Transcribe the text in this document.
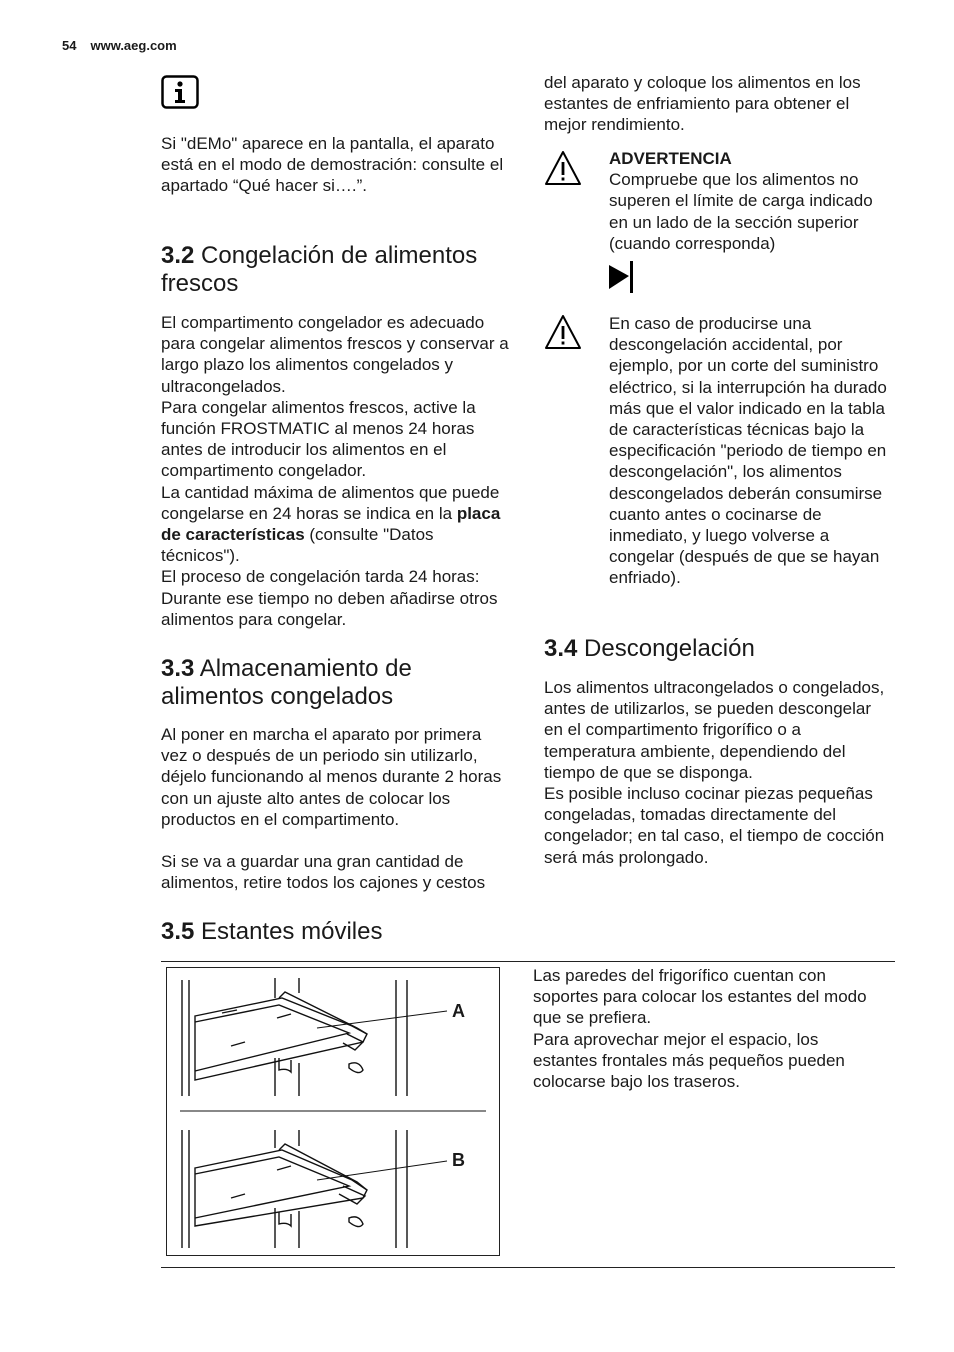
54 www.aeg.com

Si "dEMo" aparece en la pantalla, el aparato está en el modo de demostración: consulte el apartado “Qué hacer si….”.

3.2 Congelación de alimentos frescos

El compartimento congelador es adecuado para congelar alimentos frescos y conservar a largo plazo los alimentos congelados y ultracongelados.

Para congelar alimentos frescos, active la función FROSTMATIC al menos 24 horas antes de introducir los alimentos en el compartimento congelador.

La cantidad máxima de alimentos que puede congelarse en 24 horas se indica en la placa de características (consulte "Datos técnicos").

El proceso de congelación tarda 24 horas: Durante ese tiempo no deben añadirse otros alimentos para congelar.

3.3 Almacenamiento de alimentos congelados

Al poner en marcha el aparato por primera vez o después de un periodo sin utilizarlo, déjelo funcionando al menos durante 2 horas con un ajuste alto antes de colocar los productos en el compartimento.

Si se va a guardar una gran cantidad de alimentos, retire todos los cajones y cestos

del aparato y coloque los alimentos en los estantes de enfriamiento para obtener el mejor rendimiento.

ADVERTENCIA

Compruebe que los alimentos no superen el límite de carga indicado en un lado de la sección superior (cuando corresponda)

En caso de producirse una descongelación accidental, por ejemplo, por un corte del suministro eléctrico, si la interrupción ha durado más que el valor indicado en la tabla de características técnicas bajo la especificación "periodo de tiempo en descongelación", los alimentos descongelados deberán consumirse cuanto antes o cocinarse de inmediato, y luego volverse a congelar (después de que se hayan enfriado).

3.4 Descongelación

Los alimentos ultracongelados o congelados, antes de utilizarlos, se pueden descongelar en el compartimento frigorífico o a temperatura ambiente, dependiendo del tiempo de que se disponga.

Es posible incluso cocinar piezas pequeñas congeladas, tomadas directamente del congelador; en tal caso, el tiempo de cocción será más prolongado.

3.5 Estantes móviles
A
B

Las paredes del frigorífico cuentan con soportes para colocar los estantes del modo que se prefiera.

Para aprovechar mejor el espacio, los estantes frontales más pequeños pueden colocarse bajo los traseros.
